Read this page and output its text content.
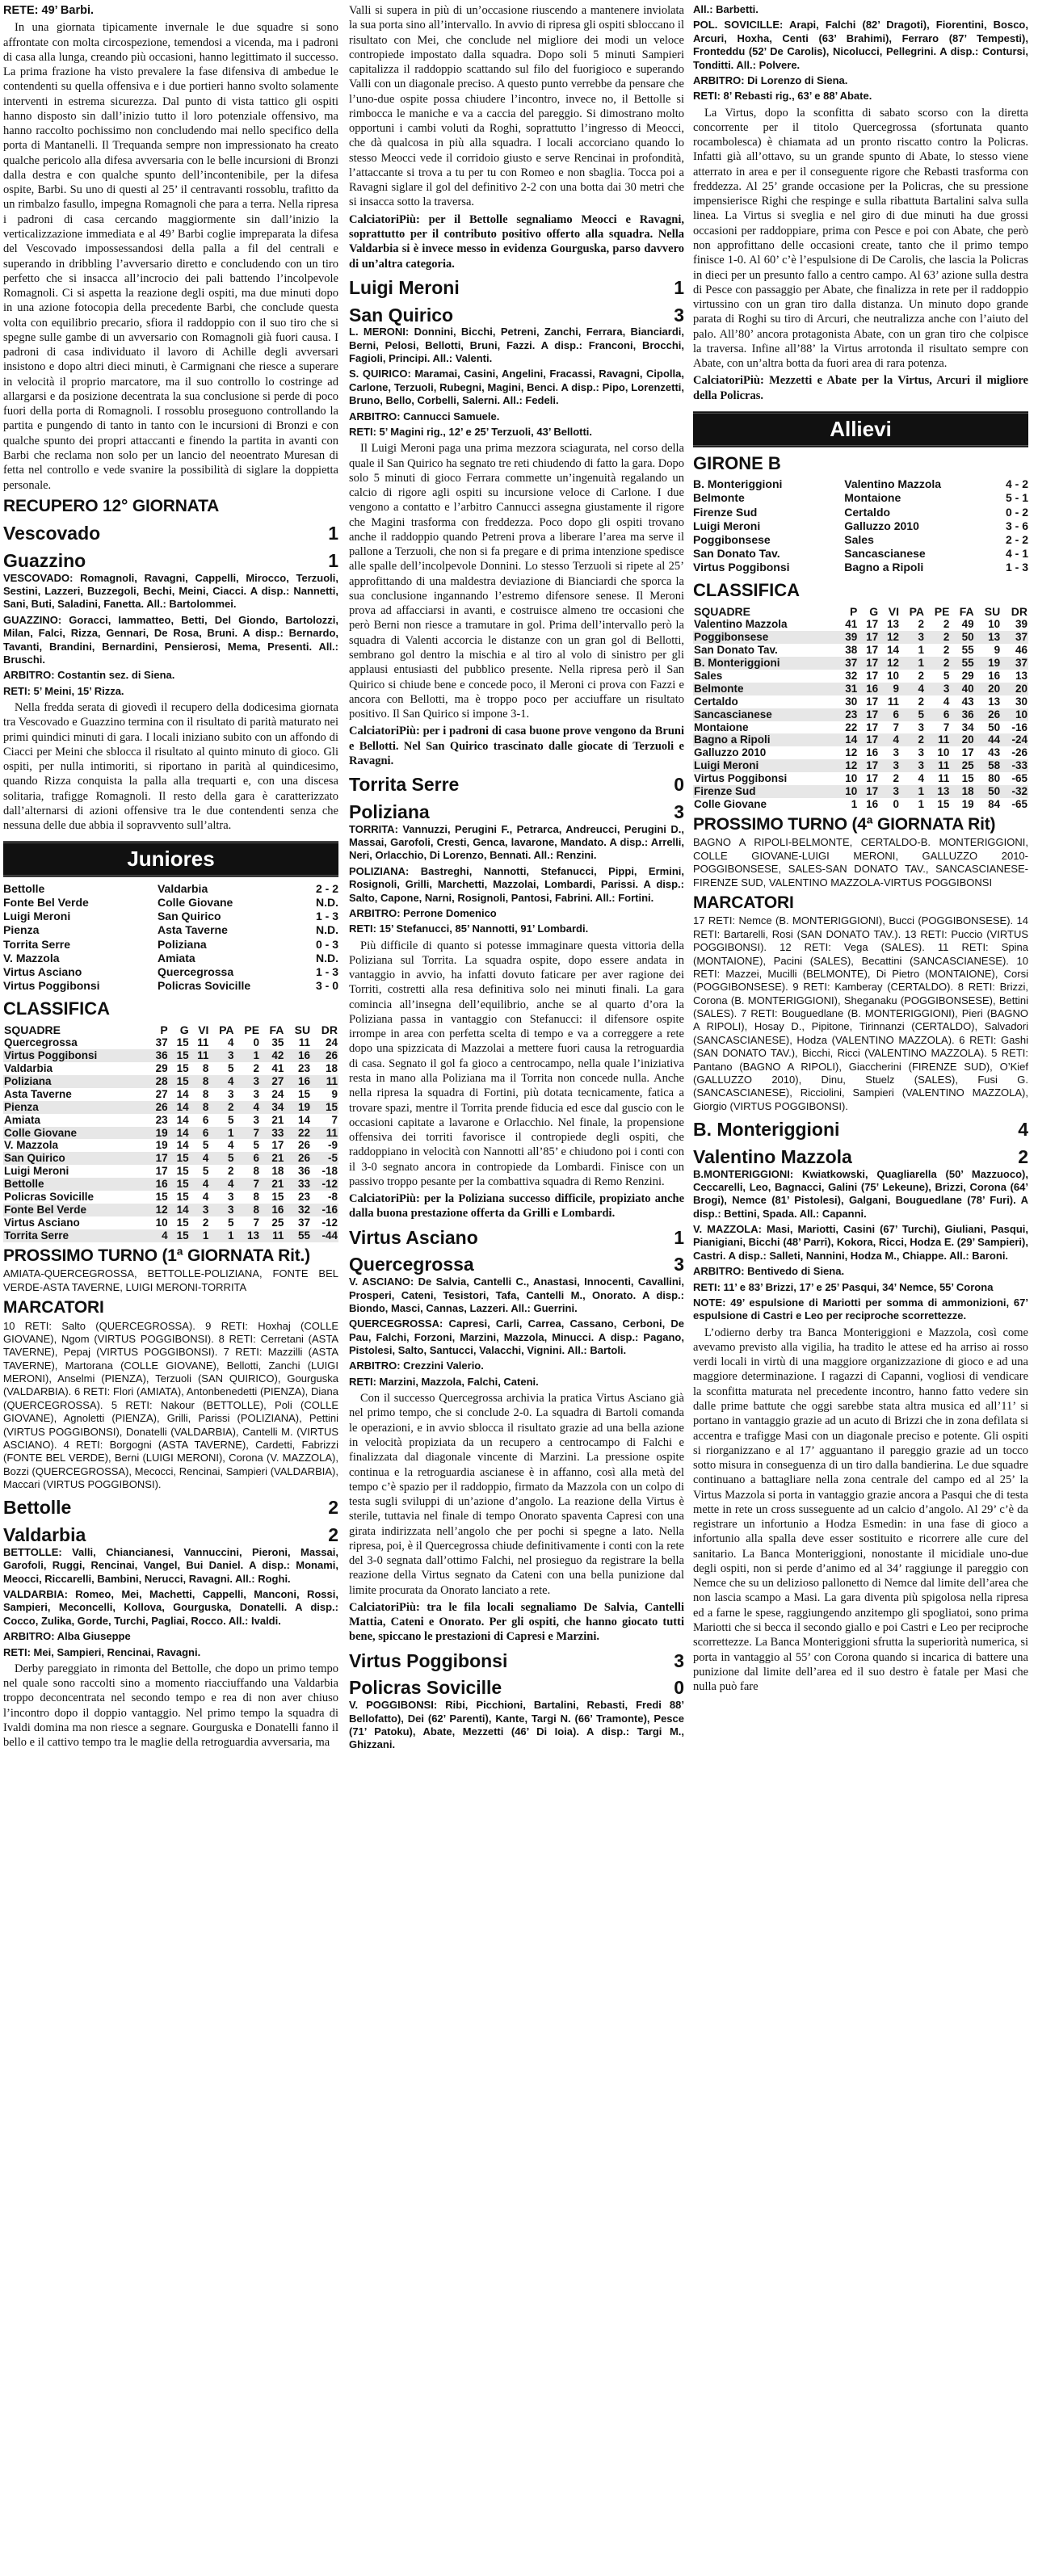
RETE: 49’ Barbi.

In una giornata tipicamente invernale le due squadre si sono affrontate con molta circospezione, temendosi a vicenda, ma i padroni di casa alla lunga, creando più occasioni, hanno legittimato il successo. La prima frazione ha visto prevalere la fase difensiva di ambedue le contendenti su quella offensiva e i due portieri hanno svolto solamente interventi in estrema sicurezza. Dal punto di vista tattico gli ospiti hanno disposto sin dall’inizio tutto il loro potenziale offensivo, ma hanno raccolto pochissimo non concludendo mai nello specifico della porta di Mantanelli. Il Trequanda sempre non impressionato ha creato qualche pericolo alla difesa avversaria con le belle incursioni di Bronzi dalla destra e con qualche spunto dell’incontenibile, per la difesa ospite, Barbi. Su uno di questi al 25’ il centravanti rossoblu, trafitto da un rimbalzo fasullo, impegna Romagnoli che para a terra. Nella ripresa i padroni di casa cercando maggiormente sin dall’inizio la verticalizzazione immediata e al 49’ Barbi coglie impreparata la difesa del Vescovado impossessandosi della palla a fil del centrali e superando in dribbling l’avversario diretto e concludendo con un tiro perfetto che si insacca all’incrocio dei pali battendo l’incolpevole Romagnoli. Ci si aspetta la reazione degli ospiti, ma due minuti dopo in una azione fotocopia della precedente Barbi, che conclude questa volta con equilibrio precario, sfiora il raddoppio con il suo tiro che si spegne sulle gambe di un avversario con Romagnoli già fuori causa. I padroni di casa individuato il lavoro di Achille degli avversari insistono e dopo altri dieci minuti, è Carmignani che riesce a superare in velocità il proprio marcatore, ma il suo controllo lo costringe ad allargarsi e da posizione decentrata la sua conclusione si perde di poco fuori della porta di Romagnoli. I rossoblu proseguono controllando la partita e pungendo di tanto in tanto con le incursioni di Bronzi e con qualche spunto dei propri attaccanti e finendo la partita in avanti con Barbi che reclama non solo per un lancio del neoentrato Muresan di fetta nel controllo e vede svanire la possibilità di siglare la doppietta personale.

RECUPERO 12° GIORNATA
Vescovado	1
Guazzino	1

VESCOVADO: Romagnoli, Ravagni, Cappelli, Mirocco, Terzuoli, Sestini, Lazzeri, Buzzegoli, Bechi, Meini, Ciacci. A disp.: Nannetti, Sani, Buti, Saladini, Fanetta. All.: Bartolommei.

GUAZZINO: Goracci, Iammatteo, Betti, Del Giondo, Bartolozzi, Milan, Falci, Rizza, Gennari, De Rosa, Bruni. A disp.: Bernardo, Tavanti, Brandini, Bernardini, Pensierosi, Mema, Presenti. All.: Bruschi.

ARBITRO: Costantin sez. di Siena.

RETI: 5’ Meini, 15’ Rizza.

Nella fredda serata di giovedì il recupero della dodicesima giornata tra Vescovado e Guazzino termina con il risultato di parità maturato nei primi quindici minuti di gara. I locali iniziano subito con un affondo di Ciacci per Meini che sblocca il risultato al quinto minuto di gioco. Gli ospiti, per nulla intimoriti, si riportano in parità al quindicesimo, quando Rizza conquista la palla alla trequarti e, con una discesa solitaria, trafigge Romagnoli. Il resto della gara è caratterizzato dall’alternarsi di azioni offensive tra le due contendenti senza che nessuna delle due abbia il sopravvento sull’altra.

Juniores
Bettolle	Valdarbia	2 - 2
Fonte Bel Verde	Colle Giovane	N.D.
Luigi Meroni	San Quirico	1 - 3
Pienza	Asta Taverne	N.D.
Torrita Serre	Poliziana	0 - 3
V. Mazzola	Amiata	N.D.
Virtus Asciano	Quercegrossa	1 - 3
Virtus Poggibonsi	Policras Sovicille	3 - 0
CLASSIFICA
SQUADRE	P	G	VI	PA	PE	FA	SU	DR
Quercegrossa	37	15	11	4	0	35	11	24
Virtus Poggibonsi	36	15	11	3	1	42	16	26
Valdarbia	29	15	8	5	2	41	23	18
Poliziana	28	15	8	4	3	27	16	11
Asta Taverne	27	14	8	3	3	24	15	9
Pienza	26	14	8	2	4	34	19	15
Amiata	23	14	6	5	3	21	14	7
Colle Giovane	19	14	6	1	7	33	22	11
V. Mazzola	19	14	5	4	5	17	26	-9
San Quirico	17	15	4	5	6	21	26	-5
Luigi Meroni	17	15	5	2	8	18	36	-18
Bettolle	16	15	4	4	7	21	33	-12
Policras Sovicille	15	15	4	3	8	15	23	-8
Fonte Bel Verde	12	14	3	3	8	16	32	-16
Virtus Asciano	10	15	2	5	7	25	37	-12
Torrita Serre	4	15	1	1	13	11	55	-44
PROSSIMO TURNO (1ª GIORNATA Rit.)

AMIATA-QUERCEGROSSA, BETTOLLE-POLIZIANA, FONTE BEL VERDE-ASTA TAVERNE, LUIGI MERONI-TORRITA

MARCATORI

10 RETI: Salto (QUERCEGROSSA). 9 RETI: Hoxhaj (COLLE GIOVANE), Ngom (VIRTUS POGGIBONSI). 8 RETI: Cerretani (ASTA TAVERNE), Pepaj (VIRTUS POGGIBONSI). 7 RETI: Mazzilli (ASTA TAVERNE), Martorana (COLLE GIOVANE), Bellotti, Zanchi (LUIGI MERONI), Anselmi (PIENZA), Terzuoli (SAN QUIRICO), Gourguska (VALDARBIA). 6 RETI: Flori (AMIATA), Antonbenedetti (PIENZA), Diana (QUERCEGROSSA). 5 RETI: Nakour (BETTOLLE), Poli (COLLE GIOVANE), Agnoletti (PIENZA), Grilli, Parissi (POLIZIANA), Pettini (VIRTUS POGGIBONSI), Donatelli (VALDARBIA), Cantelli M. (VIRTUS ASCIANO). 4 RETI: Borgogni (ASTA TAVERNE), Cardetti, Fabrizzi (FONTE BEL VERDE), Berni (LUIGI MERONI), Corona (V. MAZZOLA), Bozzi (QUERCEGROSSA), Mecocci, Rencinai, Sampieri (VALDARBIA), Maccari (VIRTUS POGGIBONSI).

Bettolle	2
Valdarbia	2

BETTOLLE: Valli, Chiancianesi, Vannuccini, Pieroni, Massai, Garofoli, Ruggi, Rencinai, Vangel, Bui Daniel. A disp.: Monami, Meocci, Riccarelli, Bambini, Nerucci, Ravagni. All.: Roghi.

VALDARBIA: Romeo, Mei, Machetti, Cappelli, Manconi, Rossi, Sampieri, Meconcelli, Kollova, Gourguska, Donatelli. A disp.: Cocco, Zulika, Gorde, Turchi, Pagliai, Rocco. All.: Ivaldi.

ARBITRO: Alba Giuseppe

RETI: Mei, Sampieri, Rencinai, Ravagni.

Derby pareggiato in rimonta del Bettolle, che dopo un primo tempo nel quale sono raccolti sino a momento riacciuffando una Valdarbia troppo deconcentrata nel secondo tempo e rea di non aver chiuso l’incontro dopo il doppio vantaggio. Nel primo tempo la squadra di Ivaldi domina ma non riesce a segnare. Gourguska e Donatelli fanno il bello e il cattivo tempo tra le maglie della retroguardia avversaria, ma

Valli si supera in più di un’occasione riuscendo a mantenere inviolata la sua porta sino all’intervallo. In avvio di ripresa gli ospiti sbloccano il risultato con Mei, che conclude nel migliore dei modi un veloce contropiede impostato dalla squadra. Dopo soli 5 minuti Sampieri capitalizza il raddoppio scattando sul filo del fuorigioco e superando Valli con un diagonale preciso. A questo punto verrebbe da pensare che l’uno-due ospite possa chiudere l’incontro, invece no, il Bettolle si rimbocca le maniche e va a caccia del pareggio. Si dimostrano molto opportuni i cambi voluti da Roghi, soprattutto l’ingresso di Meocci, che dà qualcosa in più alla squadra. I locali accorciano quando lo stesso Meocci vede il corridoio giusto e serve Rencinai in profondità, l’attaccante si trova a tu per tu con Romeo e non sbaglia. Tocca poi a Ravagni siglare il gol del definitivo 2-2 con una botta dai 30 metri che si insacca sotto la traversa.

CalciatoriPiù: per il Bettolle segnaliamo Meocci e Ravagni, soprattutto per il contributo positivo offerto alla squadra. Nella Valdarbia si è invece messo in evidenza Gourguska, parso davvero di un’altra categoria.

Luigi Meroni	1
San Quirico	3

L. MERONI: Donnini, Bicchi, Petreni, Zanchi, Ferrara, Bianciardi, Berni, Pelosi, Bellotti, Bruni, Fazzi. A disp.: Franconi, Brocchi, Fagioli, Principi. All.: Valenti.

S. QUIRICO: Maramai, Casini, Angelini, Fracassi, Ravagni, Cipolla, Carlone, Terzuoli, Rubegni, Magini, Benci. A disp.: Pipo, Lorenzetti, Bruno, Bello, Corbelli, Salerni. All.: Fedeli.

ARBITRO: Cannucci Samuele.

RETI: 5’ Magini rig., 12’ e 25’ Terzuoli, 43’ Bellotti.

Il Luigi Meroni paga una prima mezzora sciagurata, nel corso della quale il San Quirico ha segnato tre reti chiudendo di fatto la gara. Dopo solo 5 minuti di gioco Ferrara commette un’ingenuità regalando un calcio di rigore agli ospiti su incursione veloce di Carlone. I due vengono a contatto e l’arbitro Cannucci assegna giustamente il rigore che Magini trasforma con freddezza. Poco dopo gli ospiti trovano anche il raddoppio quando Petreni prova a liberare l’area ma serve il pallone a Terzuoli, che non si fa pregare e di prima intenzione spedisce alle spalle dell’incolpevole Donnini. Lo stesso Terzuoli si ripete al 25’ approfittando di una maldestra deviazione di Bianciardi che sporca la sua conclusione ingannando l’estremo difensore senese. Il Meroni prova ad affacciarsi in avanti, e costruisce almeno tre occasioni che però Berni non riesce a tramutare in gol. Prima dell’intervallo però la squadra di Valenti accorcia le distanze con un gran gol di Bellotti, sembrano gol dentro la mischia e al tiro al volo di sinistro per gli applausi entusiasti del pubblico presente. Nella ripresa però il San Quirico si chiude bene e concede poco, il Meroni ci prova con Fazzi e ancora con Bellotti, ma è troppo poco per acciuffare un risultato positivo. Il San Quirico si impone 3-1.

CalciatoriPiù: per i padroni di casa buone prove vengono da Bruni e Bellotti. Nel San Quirico trascinato dalle giocate di Terzuoli e Ravagni.

Torrita Serre	0
Poliziana	3

TORRITA: Vannuzzi, Perugini F., Petrarca, Andreucci, Perugini D., Massai, Garofoli, Cresti, Genca, lavarone, Mandato. A disp.: Arrelli, Neri, Orlacchio, Di Lorenzo, Bennati. All.: Renzini.

POLIZIANA: Bastreghi, Nannotti, Stefanucci, Pippi, Ermini, Rosignoli, Grilli, Marchetti, Mazzolai, Lombardi, Parissi. A disp.: Salto, Capone, Narni, Rosignoli, Pantosi, Fabrini. All.: Fortini.

ARBITRO: Perrone Domenico

RETI: 15’ Stefanucci, 85’ Nannotti, 91’ Lombardi.

Più difficile di quanto si potesse immaginare questa vittoria della Poliziana sul Torrita. La squadra ospite, dopo essere andata in vantaggio in avvio, ha infatti dovuto faticare per aver ragione dei Torriti, costretti alla resa definitiva solo nei minuti finali. La gara comincia all’insegna dell’equilibrio, anche se al quarto d’ora la Poliziana passa in vantaggio con Stefanucci: il difensore ospite irrompe in area con perfetta scelta di tempo e va a correggere a rete dopo una spizzicata di Mazzolai a mettere fuori causa la retroguardia di casa. Segnato il gol fa gioco a centrocampo, nella quale l’iniziativa resta in mano alla Poliziana ma il Torrita non concede nulla. Anche nella ripresa la squadra di Fortini, più dotata tecnicamente, fatica a trovare spazi, mentre il Torrita prende fiducia ed esce dal guscio con le occasioni capitate a lavarone e Orlacchio. Nel finale, la propensione offensiva dei torriti favorisce il contropiede degli ospiti, che raddoppiano in velocità con Nannotti all’85’ e chiudono poi i conti con il 3-0 segnato ancora in contropiede da Lombardi. Finisce con un passivo troppo pesante per la combattiva squadra di Remo Renzini.

CalciatoriPiù: per la Poliziana successo difficile, propiziato anche dalla buona prestazione offerta da Grilli e Lombardi.

Virtus Asciano	1
Quercegrossa	3

V. ASCIANO: De Salvia, Cantelli C., Anastasi, Innocenti, Cavallini, Prosperi, Cateni, Tesistori, Tafa, Cantelli M., Onorato. A disp.: Biondo, Masci, Cannas, Lazzeri. All.: Guerrini.

QUERCEGROSSA: Capresi, Carli, Carrea, Cassano, Cerboni, De Pau, Falchi, Forzoni, Marzini, Mazzola, Minucci. A disp.: Pagano, Pistolesi, Salto, Santucci, Valacchi, Vignini. All.: Bartoli.

ARBITRO: Crezzini Valerio.

RETI: Marzini, Mazzola, Falchi, Cateni.

Con il successo Quercegrossa archivia la pratica Virtus Asciano già nel primo tempo, che si conclude 2-0. La squadra di Bartoli comanda le operazioni, e in avvio sblocca il risultato grazie ad una bella azione in velocità propiziata da un recupero a centrocampo di Falchi e finalizzata dal diagonale vincente di Marzini. La pressione ospite continua e la retroguardia ascianese è in affanno, così alla metà del tempo c’è spazio per il raddoppio, firmato da Mazzola con un colpo di testa sugli sviluppi di un’azione d’angolo. La reazione della Virtus è sterile, tuttavia nel finale di tempo Onorato spaventa Capresi con una girata indirizzata nell’angolo che per pochi si spegne a lato. Nella ripresa, poi, è il Quercegrossa chiude definitivamente i conti con la rete del 3-0 segnata dall’ottimo Falchi, nel prosieguo da registrare la bella reazione della Virtus segnato da Cateni con una bella punizione dal limite procurata da Onorato lanciato a rete.

CalciatoriPiù: tra le fila locali segnaliamo De Salvia, Cantelli Mattia, Cateni e Onorato. Per gli ospiti, che hanno giocato tutti bene, spiccano le prestazioni di Capresi e Marzini.

Virtus Poggibonsi	3
Policras Sovicille	0

V. POGGIBONSI: Ribi, Picchioni, Bartalini, Rebasti, Fredi 88’ Bellofatto), Dei (62’ Parenti), Kante, Targi N. (66’ Tramonte), Pesce (71’ Patoku), Abate, Mezzetti (46’ Di Ioia). A disp.: Targi M., Ghizzani.

All.: Barbetti.

POL. SOVICILLE: Arapi, Falchi (82’ Dragoti), Fiorentini, Bosco, Arcuri, Hoxha, Centi (63’ Brahimi), Ferraro (87’ Tempesti), Fronteddu (52’ De Carolis), Nicolucci, Pellegrini. A disp.: Contursi, Tonditti. All.: Polvere.

ARBITRO: Di Lorenzo di Siena.

RETI: 8’ Rebasti rig., 63’ e 88’ Abate.

La Virtus, dopo la sconfitta di sabato scorso con la diretta concorrente per il titolo Quercegrossa (sfortunata quanto rocambolesca) è chiamata ad un pronto riscatto contro la Policras. Infatti già all’ottavo, su un grande spunto di Abate, lo stesso viene atterrato in area e per il conseguente rigore che Rebasti trasforma con freddezza. Al 25’ grande occasione per la Policras, che su pressione impensierisce Righi che respinge e sulla ribattuta Bartalini salva sulla linea. La Virtus si sveglia e nel giro di due minuti ha due grossi occasioni per raddoppiare, prima con Pesce e poi con Abate, che però non approfittano delle occasioni create, tanto che il primo tempo finisce 1-0. Al 60’ c’è l’espulsione di De Carolis, che lascia la Policras in dieci per un presunto fallo a centro campo. Al 63’ azione sulla destra di Pesce con passaggio per Abate, che finalizza in rete per il raddoppio virtussino con un gran tiro dalla distanza. Un minuto dopo grande parata di Roghi su tiro di Arcuri, che neutralizza anche con l’aiuto del palo. All’80’ ancora protagonista Abate, con un gran tiro che colpisce la traversa. Infine all’88’ la Virtus arrotonda il risultato sempre con Abate, con un’altra botta da fuori area di rara potenza.

CalciatoriPiù: Mezzetti e Abate per la Virtus, Arcuri il migliore della Policras.

Allievi
GIRONE B
B. Monteriggioni	Valentino Mazzola	4 - 2
Belmonte	Montaione	5 - 1
Firenze Sud	Certaldo	0 - 2
Luigi Meroni	Galluzzo 2010	3 - 6
Poggibonsese	Sales	2 - 2
San Donato Tav.	Sancascianese	4 - 1
Virtus Poggibonsi	Bagno a Ripoli	1 - 3
CLASSIFICA
SQUADRE	P	G	VI	PA	PE	FA	SU	DR
Valentino Mazzola	41	17	13	2	2	49	10	39
Poggibonsese	39	17	12	3	2	50	13	37
San Donato Tav.	38	17	14	1	2	55	9	46
B. Monteriggioni	37	17	12	1	2	55	19	37
Sales	32	17	10	2	5	29	16	13
Belmonte	31	16	9	4	3	40	20	20
Certaldo	30	17	11	2	4	43	13	30
Sancascianese	23	17	6	5	6	36	26	10
Montaione	22	17	7	3	7	34	50	-16
Bagno a Ripoli	14	17	4	2	11	20	44	-24
Galluzzo 2010	12	16	3	3	10	17	43	-26
Luigi Meroni	12	17	3	3	11	25	58	-33
Virtus Poggibonsi	10	17	2	4	11	15	80	-65
Firenze Sud	10	17	3	1	13	18	50	-32
Colle Giovane	1	16	0	1	15	19	84	-65
PROSSIMO TURNO (4ª GIORNATA Rit)

BAGNO A RIPOLI-BELMONTE, CERTALDO-B. MONTERIGGIONI, COLLE GIOVANE-LUIGI MERONI, GALLUZZO 2010-POGGIBONSESE, SALES-SAN DONATO TAV., SANCASCIANESE-FIRENZE SUD, VALENTINO MAZZOLA-VIRTUS POGGIBONSI

MARCATORI

17 RETI: Nemce (B. MONTERIGGIONI), Bucci (POGGIBONSESE). 14 RETI: Bartarelli, Rosi (SAN DONATO TAV.). 13 RETI: Puccio (VIRTUS POGGIBONSI). 12 RETI: Vega (SALES). 11 RETI: Spina (MONTAIONE), Pacini (SALES), Becattini (SANCASCIANESE). 10 RETI: Mazzei, Mucilli (BELMONTE), Di Pietro (MONTAIONE), Corsi (POGGIBONSESE). 9 RETI: Kamberay (CERTALDO). 8 RETI: Brizzi, Corona (B. MONTERIGGIONI), Sheganaku (POGGIBONSESE), Bettini (SALES). 7 RETI: Bouguedlane (B. MONTERIGGIONI), Pieri (BAGNO A RIPOLI), Hosay D., Pipitone, Tirinnanzi (CERTALDO), Salvadori (SANCASCIANESE), Hodza (VALENTINO MAZZOLA). 6 RETI: Gashi (SAN DONATO TAV.), Bicchi, Ricci (VALENTINO MAZZOLA). 5 RETI: Pantano (BAGNO A RIPOLI), Giaccherini (FIRENZE SUD), O’Kief (GALLUZZO 2010), Dinu, Stuelz (SALES), Fusi G. (SANCASCIANESE), Ricciolini, Sampieri (VALENTINO MAZZOLA), Giorgio (VIRTUS POGGIBONSI).

B. Monteriggioni	4
Valentino Mazzola	2

B.MONTERIGGIONI: Kwiatkowski, Quagliarella (50’ Mazzuoco), Ceccarelli, Leo, Bagnacci, Galini (75’ Lekeune), Brizzi, Corona (64’ Brogi), Nemce (81’ Pistolesi), Galgani, Bouguedlane (78’ Furi). A disp.: Bettini, Spada. All.: Capanni.

V. MAZZOLA: Masi, Mariotti, Casini (67’ Turchi), Giuliani, Pasqui, Pianigiani, Bicchi (48’ Parri), Kokora, Ricci, Hodza E. (29’ Sampieri), Castri. A disp.: Salleti, Nannini, Hodza M., Chiappe. All.: Baroni.

ARBITRO: Bentivedo di Siena.

RETI: 11’ e 83’ Brizzi, 17’ e 25’ Pasqui, 34’ Nemce, 55’ Corona

NOTE: 49’ espulsione di Mariotti per somma di ammonizioni, 67’ espulsione di Castri e Leo per reciproche scorrettezze.

L’odierno derby tra Banca Monteriggioni e Mazzola, così come avevamo previsto alla vigilia, ha tradito le attese ed ha arriso ai rosso verdi locali in virtù di una maggiore organizzazione di gioco e ad una maggiore determinazione. I ragazzi di Capanni, vogliosi di vendicare la sconfitta maturata nel precedente incontro, hanno fatto vedere sin dalle prime battute che oggi sarebbe stata altra musica ed all’11’ si portano in vantaggio grazie ad un acuto di Brizzi che in zona defilata si accentra e trafigge Masi con un diagonale preciso e potente. Gli ospiti si riorganizzano e al 17’ agguantano il pareggio grazie ad un tocco sotto misura in conseguenza di un tiro dalla bandierina. Le due squadre continuano a battagliare nella zona centrale del campo ed al 25’ la Virtus Mazzola si porta in vantaggio grazie ancora a Pasqui che di testa mette in rete un cross susseguente ad un calcio d’angolo. Al 29’ c’è da registrare un infortunio a Hodza Esmedin: in una fase di gioco a infortunio alla spalla deve esser sostituito e ricorrere alle cure del sanitario. La Banca Monteriggioni, nonostante il micidiale uno-due degli ospiti, non si perde d’animo ed al 34’ raggiunge il pareggio con Nemce che su un delizioso pallonetto di Nemce dal limite dell’area che non lascia scampo a Masi. La gara diventa più spigolosa nella ripresa ed a farne le spese, raggiungendo anzitempo gli spogliatoi, sono prima Mariotti che si becca il secondo giallo e poi Castri e Leo per reciproche scorrettezze. La Banca Monteriggioni sfrutta la superiorità numerica, si porta in vantaggio al 55’ con Corona quando si incarica di battere una punizione dal limite dell’area ed il suo destro è fatale per Masi che nulla può fare
